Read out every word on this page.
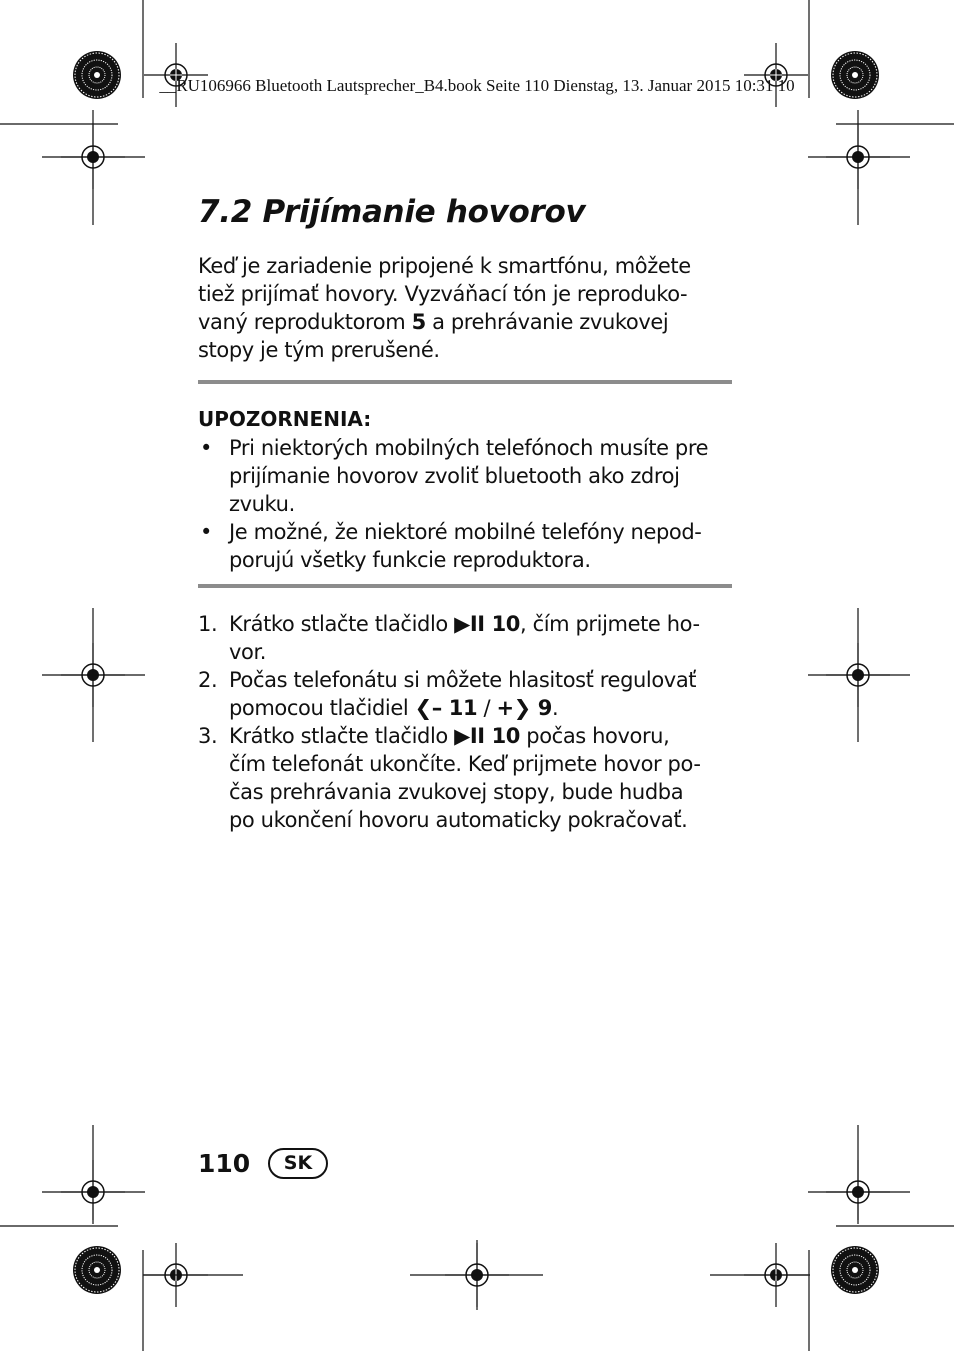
__RU106966 Bluetooth Lautsprecher_B4.book Seite 110 Dienstag, 13. Januar 2015 10:31 10
7.2 Prijímanie hovorov

Keď je zariadenie pripojené k smartfónu, môžete
tiež prijímať hovory. Vyzváňací tón je reproduko-
vaný reproduktorom 5 a prehrávanie zvukovej
stopy je tým prerušené.

UPOZORNENIA:
• Pri niektorých mobilných telefónoch musíte pre
prijímanie hovorov zvoliť bluetooth ako zdroj
zvuku.
• Je možné, že niektoré mobilné telefóny nepod-
porujú všetky funkcie reproduktora.
1. Krátko stlačte tlačidlo ▶II 10, čím prijmete ho-
vor.
2. Počas telefonátu si môžete hlasitosť regulovať
pomocou tlačidiel ❮– 11 / +❯ 9.
3. Krátko stlačte tlačidlo ▶II 10 počas hovoru,
čím telefonát ukončíte. Keď prijmete hovor po-
čas prehrávania zvukovej stopy, bude hudba
po ukončení hovoru automaticky pokračovať.
110	SK
